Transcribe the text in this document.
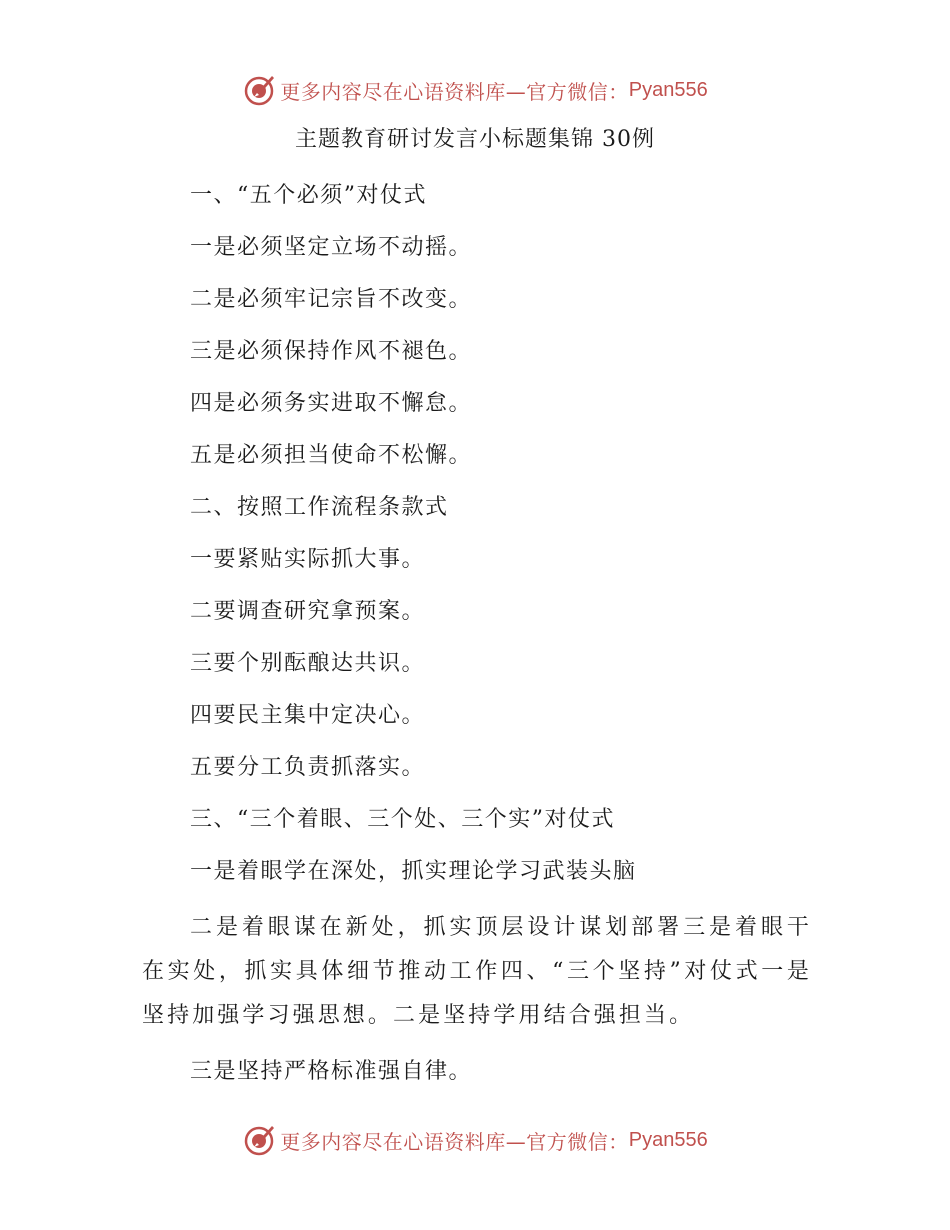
更多内容尽在心语资料库—官方微信： Pyan556
主题教育研讨发言小标题集锦 30例
一、“五个必须”对仗式
一是必须坚定立场不动摇。
二是必须牢记宗旨不改变。
三是必须保持作风不褪色。
四是必须务实进取不懈怠。
五是必须担当使命不松懈。
二、按照工作流程条款式
一要紧贴实际抓大事。
二要调查研究拿预案。
三要个别酝酿达共识。
四要民主集中定决心。
五要分工负责抓落实。
三、“三个着眼、三个处、三个实”对仗式
一是着眼学在深处，抓实理论学习武装头脑
二是着眼谋在新处，抓实顶层设计谋划部署三是着眼干在实处，抓实具体细节推动工作四、“三个坚持”对仗式一是坚持加强学习强思想。二是坚持学用结合强担当。
三是坚持严格标准强自律。
更多内容尽在心语资料库—官方微信： Pyan556
